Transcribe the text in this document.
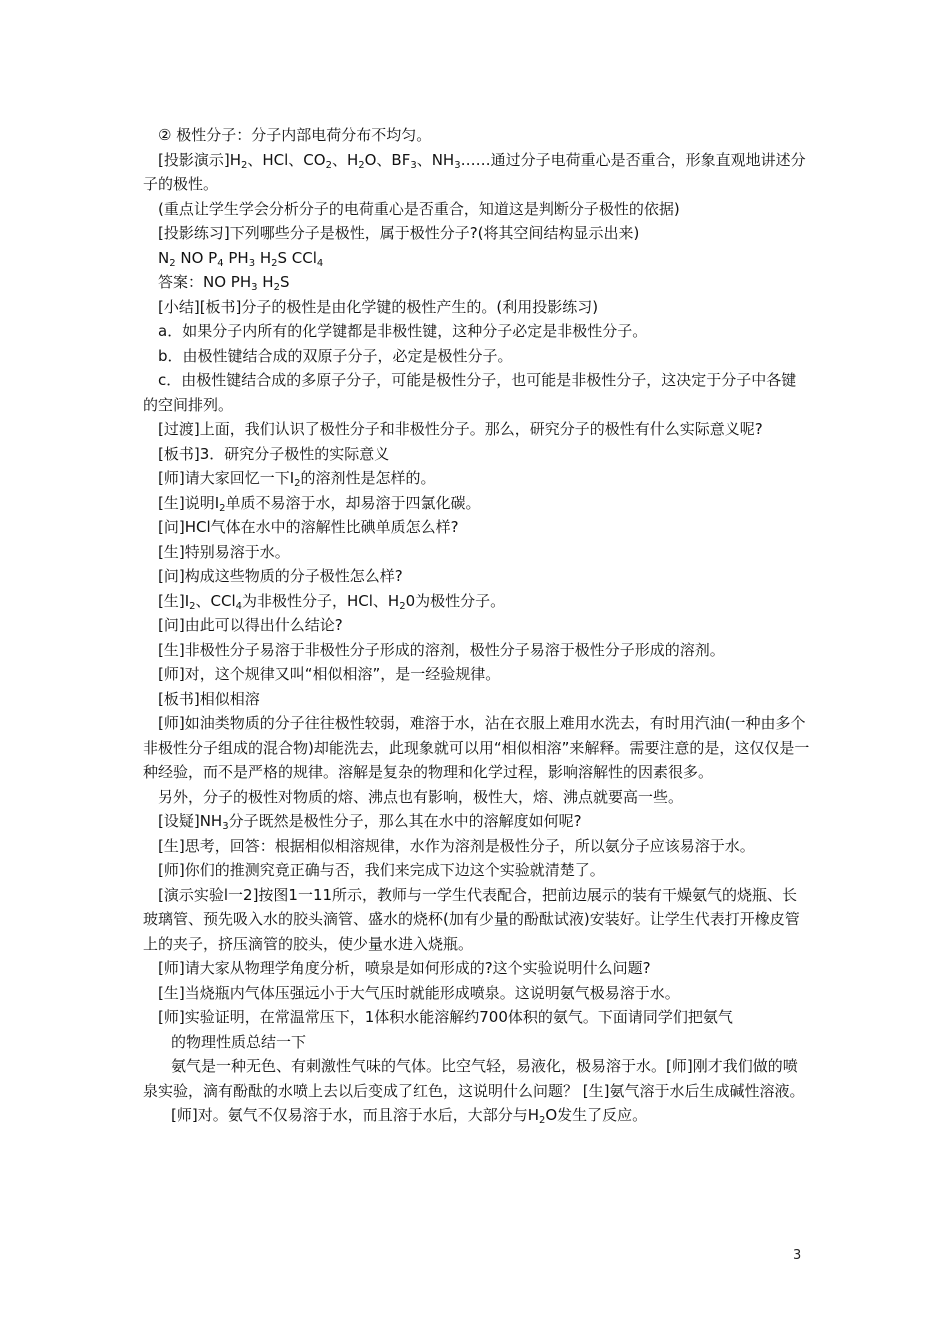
② 极性分子：分子内部电荷分布不均匀。

[投影演示]$H_2$、HCl、$CO_2$、$H_2O$、$BF_3$、$NH_3\dots\dots$通过分子电荷重心是否重合，形象直观地讲述分子的极性。

(重点让学生学会分析分子的电荷重心是否重合，知道这是判断分子极性的依据)

[投影练习]下列哪些分子是极性，属于极性分子?(将其空间结构显示出来)

$N_2$ NO $P_4$ $PH_3$ $H_2S$ CCl$_4$

答案：NO $PH_3$ $H_2S$

[小结][板书]分子的极性是由化学键的极性产生的。(利用投影练习)

a．如果分子内所有的化学键都是非极性键，这种分子必定是非极性分子。

b．由极性键结合成的双原子分子，必定是极性分子。

c．由极性键结合成的多原子分子，可能是极性分子，也可能是非极性分子，这决定于分子中各键的空间排列。

[过渡]上面，我们认识了极性分子和非极性分子。那么，研究分子的极性有什么实际意义呢?

[板书]3．研究分子极性的实际意义

[师]请大家回忆一下$I_2$的溶剂性是怎样的。

[生]说明$I_2$单质不易溶于水，却易溶于四氯化碳。

[问]HCl气体在水中的溶解性比碘单质怎么样?

[生]特别易溶于水。

[问]构成这些物质的分子极性怎么样?

[生]$I_2$、CCl$_4$为非极性分子，HCl、$H_20$为极性分子。

[问]由此可以得出什么结论?

[生]非极性分子易溶于非极性分子形成的溶剂，极性分子易溶于极性分子形成的溶剂。

[师]对，这个规律又叫“相似相溶”，是一经验规律。

[板书]相似相溶

[师]如油类物质的分子往往极性较弱，难溶于水，沾在衣服上难用水洗去，有时用汽油(一种由多个非极性分子组成的混合物)却能洗去，此现象就可以用“相似相溶”来解释。需要注意的是，这仅仅是一种经验，而不是严格的规律。溶解是复杂的物理和化学过程，影响溶解性的因素很多。

另外，分子的极性对物质的熔、沸点也有影响，极性大，熔、沸点就要高一些。

[设疑]$NH_3$分子既然是极性分子，那么其在水中的溶解度如何呢?

[生]思考，回答：根据相似相溶规律，水作为溶剂是极性分子，所以氨分子应该易溶于水。

[师]你们的推测究竟正确与否，我们来完成下边这个实验就清楚了。

[演示实验l一2]按图1一11所示，教师与一学生代表配合，把前边展示的装有干燥氨气的烧瓶、长玻璃管、预先吸入水的胶头滴管、盛水的烧杯(加有少量的酚酞试液)安装好。让学生代表打开橡皮管上的夹子，挤压滴管的胶头，使少量水进入烧瓶。

[师]请大家从物理学角度分析，喷泉是如何形成的?这个实验说明什么问题?

[生]当烧瓶内气体压强远小于大气压时就能形成喷泉。这说明氨气极易溶于水。

[师]实验证明，在常温常压下，1体积水能溶解约700体积的氨气。下面请同学们把氨气

的物理性质总结一下

氨气是一种无色、有刺激性气味的气体。比空气轻，易液化，极易溶于水。[师]刚才我们做的喷泉实验，滴有酚酞的水喷上去以后变成了红色，这说明什么问题？ [生]氨气溶于水后生成碱性溶液。

[师]对。氨气不仅易溶于水，而且溶于水后，大部分与$H_2O$发生了反应。

3
